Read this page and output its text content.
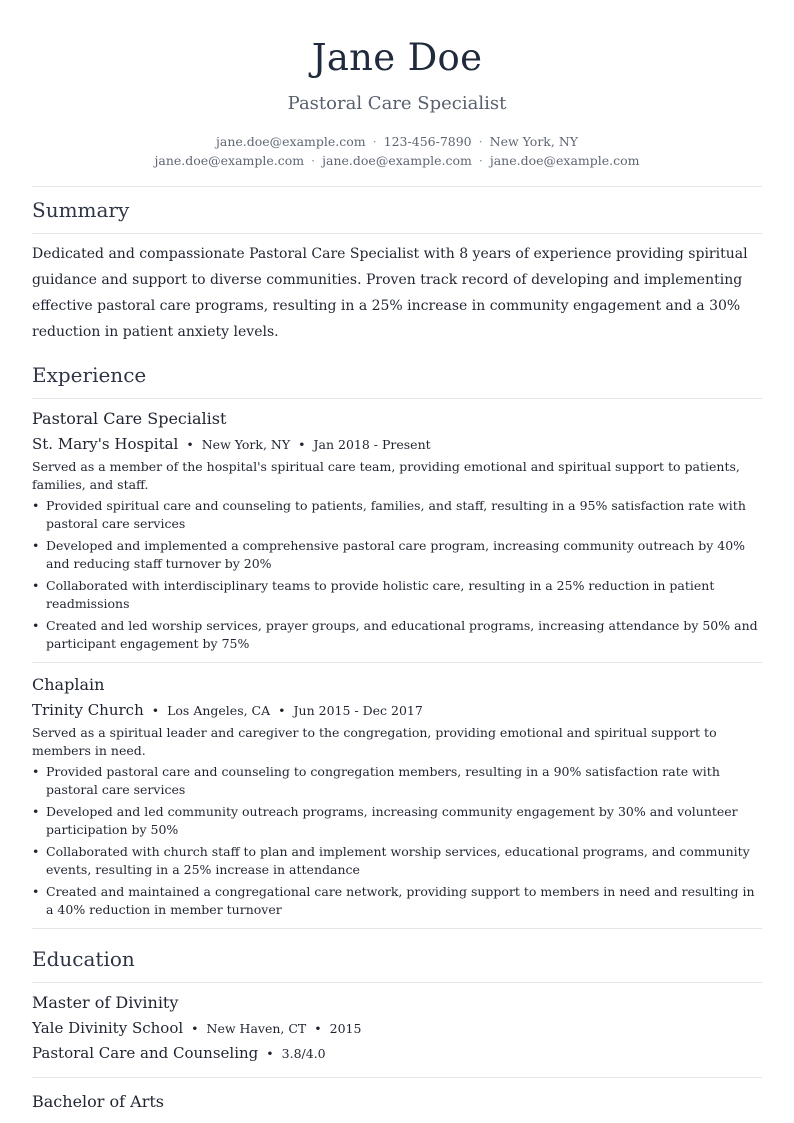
Jane Doe
Pastoral Care Specialist
jane.doe@example.com · 123-456-7890 · New York, NY
jane.doe@example.com · jane.doe@example.com · jane.doe@example.com
Summary
Dedicated and compassionate Pastoral Care Specialist with 8 years of experience providing spiritual guidance and support to diverse communities. Proven track record of developing and implementing effective pastoral care programs, resulting in a 25% increase in community engagement and a 30% reduction in patient anxiety levels.
Experience
Pastoral Care Specialist
St. Mary's Hospital • New York, NY • Jan 2018 - Present
Served as a member of the hospital's spiritual care team, providing emotional and spiritual support to patients, families, and staff.
• Provided spiritual care and counseling to patients, families, and staff, resulting in a 95% satisfaction rate with pastoral care services
• Developed and implemented a comprehensive pastoral care program, increasing community outreach by 40% and reducing staff turnover by 20%
• Collaborated with interdisciplinary teams to provide holistic care, resulting in a 25% reduction in patient readmissions
• Created and led worship services, prayer groups, and educational programs, increasing attendance by 50% and participant engagement by 75%
Chaplain
Trinity Church • Los Angeles, CA • Jun 2015 - Dec 2017
Served as a spiritual leader and caregiver to the congregation, providing emotional and spiritual support to members in need.
• Provided pastoral care and counseling to congregation members, resulting in a 90% satisfaction rate with pastoral care services
• Developed and led community outreach programs, increasing community engagement by 30% and volunteer participation by 50%
• Collaborated with church staff to plan and implement worship services, educational programs, and community events, resulting in a 25% increase in attendance
• Created and maintained a congregational care network, providing support to members in need and resulting in a 40% reduction in member turnover
Education
Master of Divinity
Yale Divinity School • New Haven, CT • 2015
Pastoral Care and Counseling • 3.8/4.0
Bachelor of Arts
